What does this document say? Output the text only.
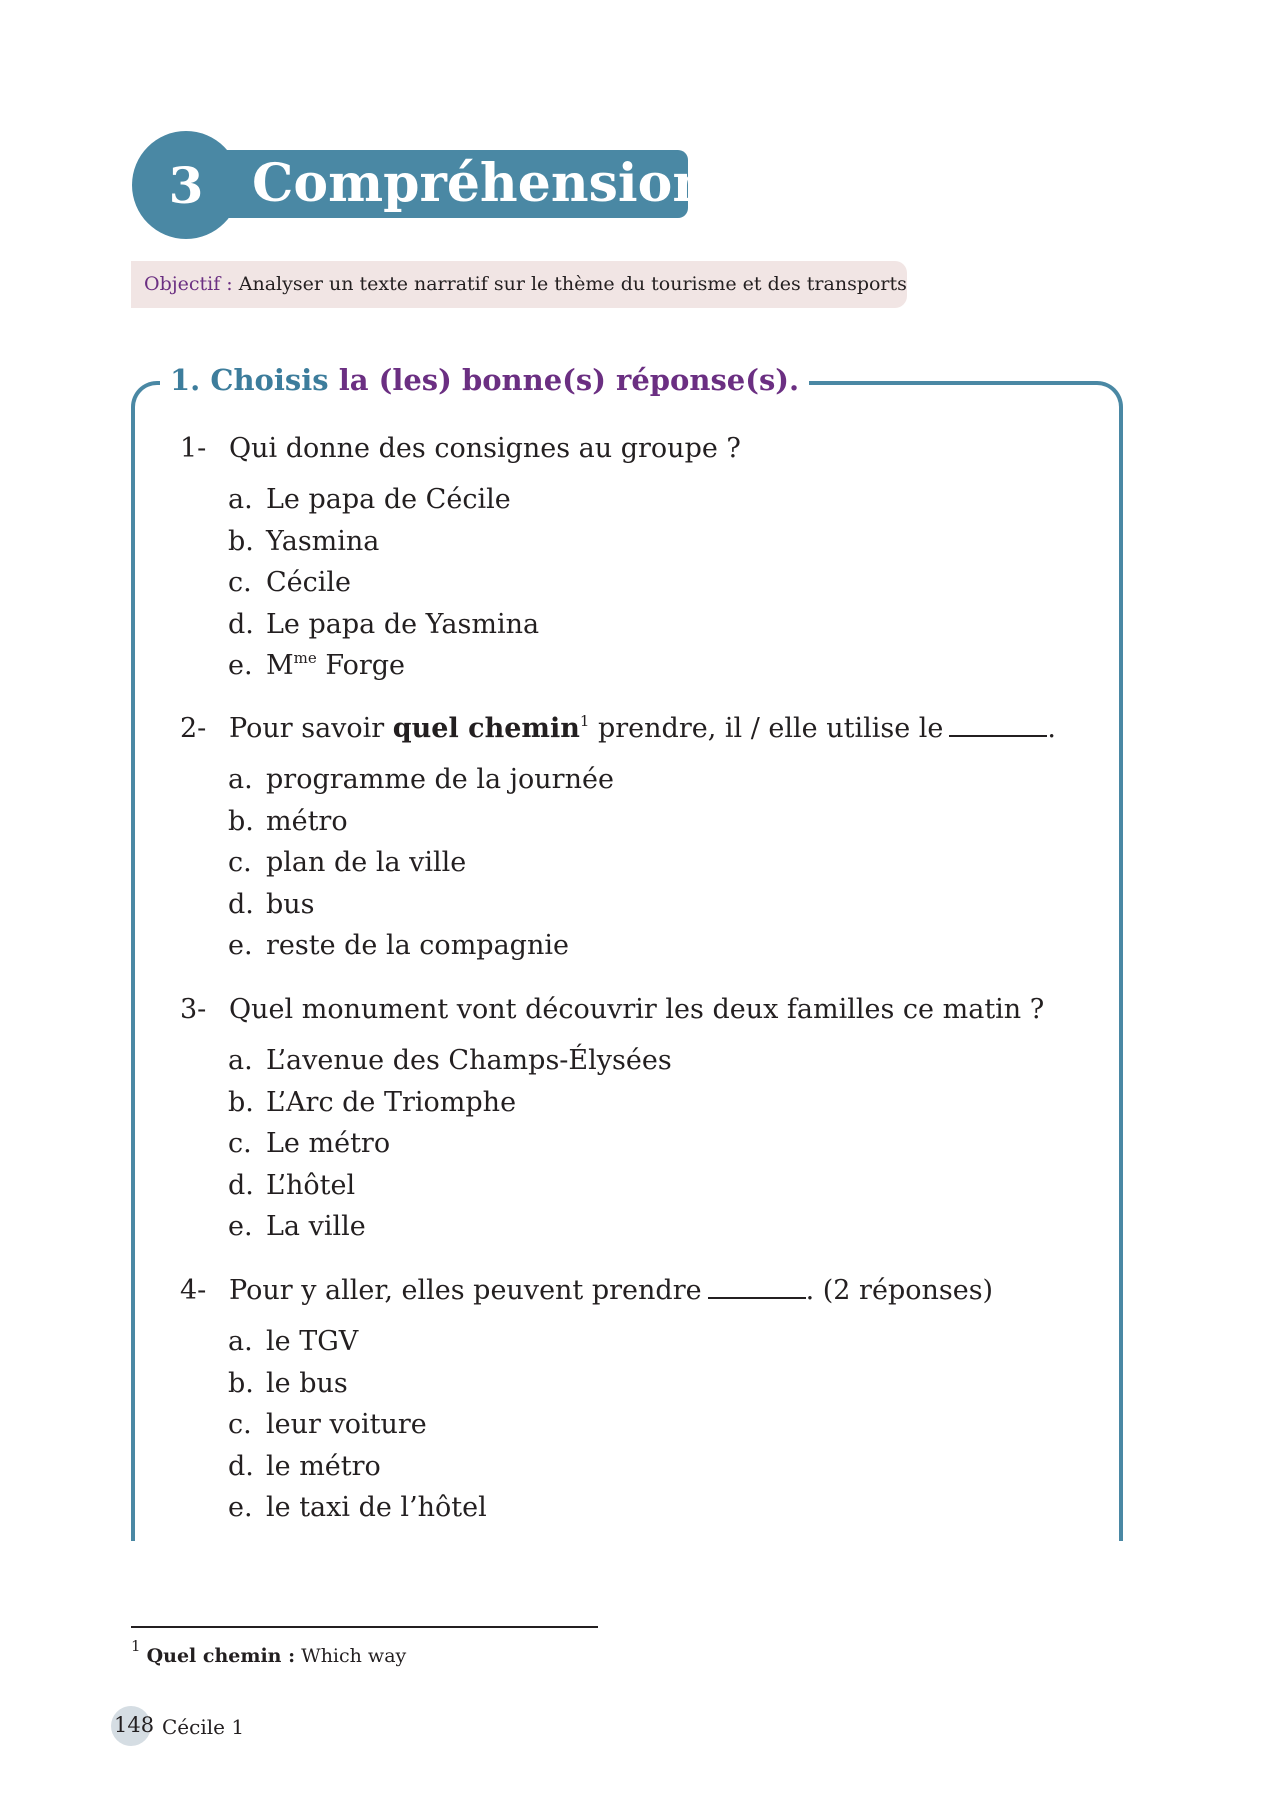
3 Compréhension
Objectif : Analyser un texte narratif sur le thème du tourisme et des transports
1. Choisis la (les) bonne(s) réponse(s).
1- Qui donne des consignes au groupe ?
a. Le papa de Cécile
b. Yasmina
c. Cécile
d. Le papa de Yasmina
e. $M^{me}$ Forge
2- Pour savoir quel chemin$^1$ prendre, il / elle utilise le	.
a. programme de la journée
b. métro
c. plan de la ville
d. bus
e. reste de la compagnie
3- Quel monument vont découvrir les deux familles ce matin ?
a. L’avenue des Champs-Élysées
b. L’Arc de Triomphe
c. Le métro
d. L’hôtel
e. La ville
4- Pour y aller, elles peuvent prendre	. (2 réponses)
a. le TGV
b. le bus
c. leur voiture
d. le métro
e. le taxi de l’hôtel
$^1$ Quel chemin : Which way
148 Cécile 1
